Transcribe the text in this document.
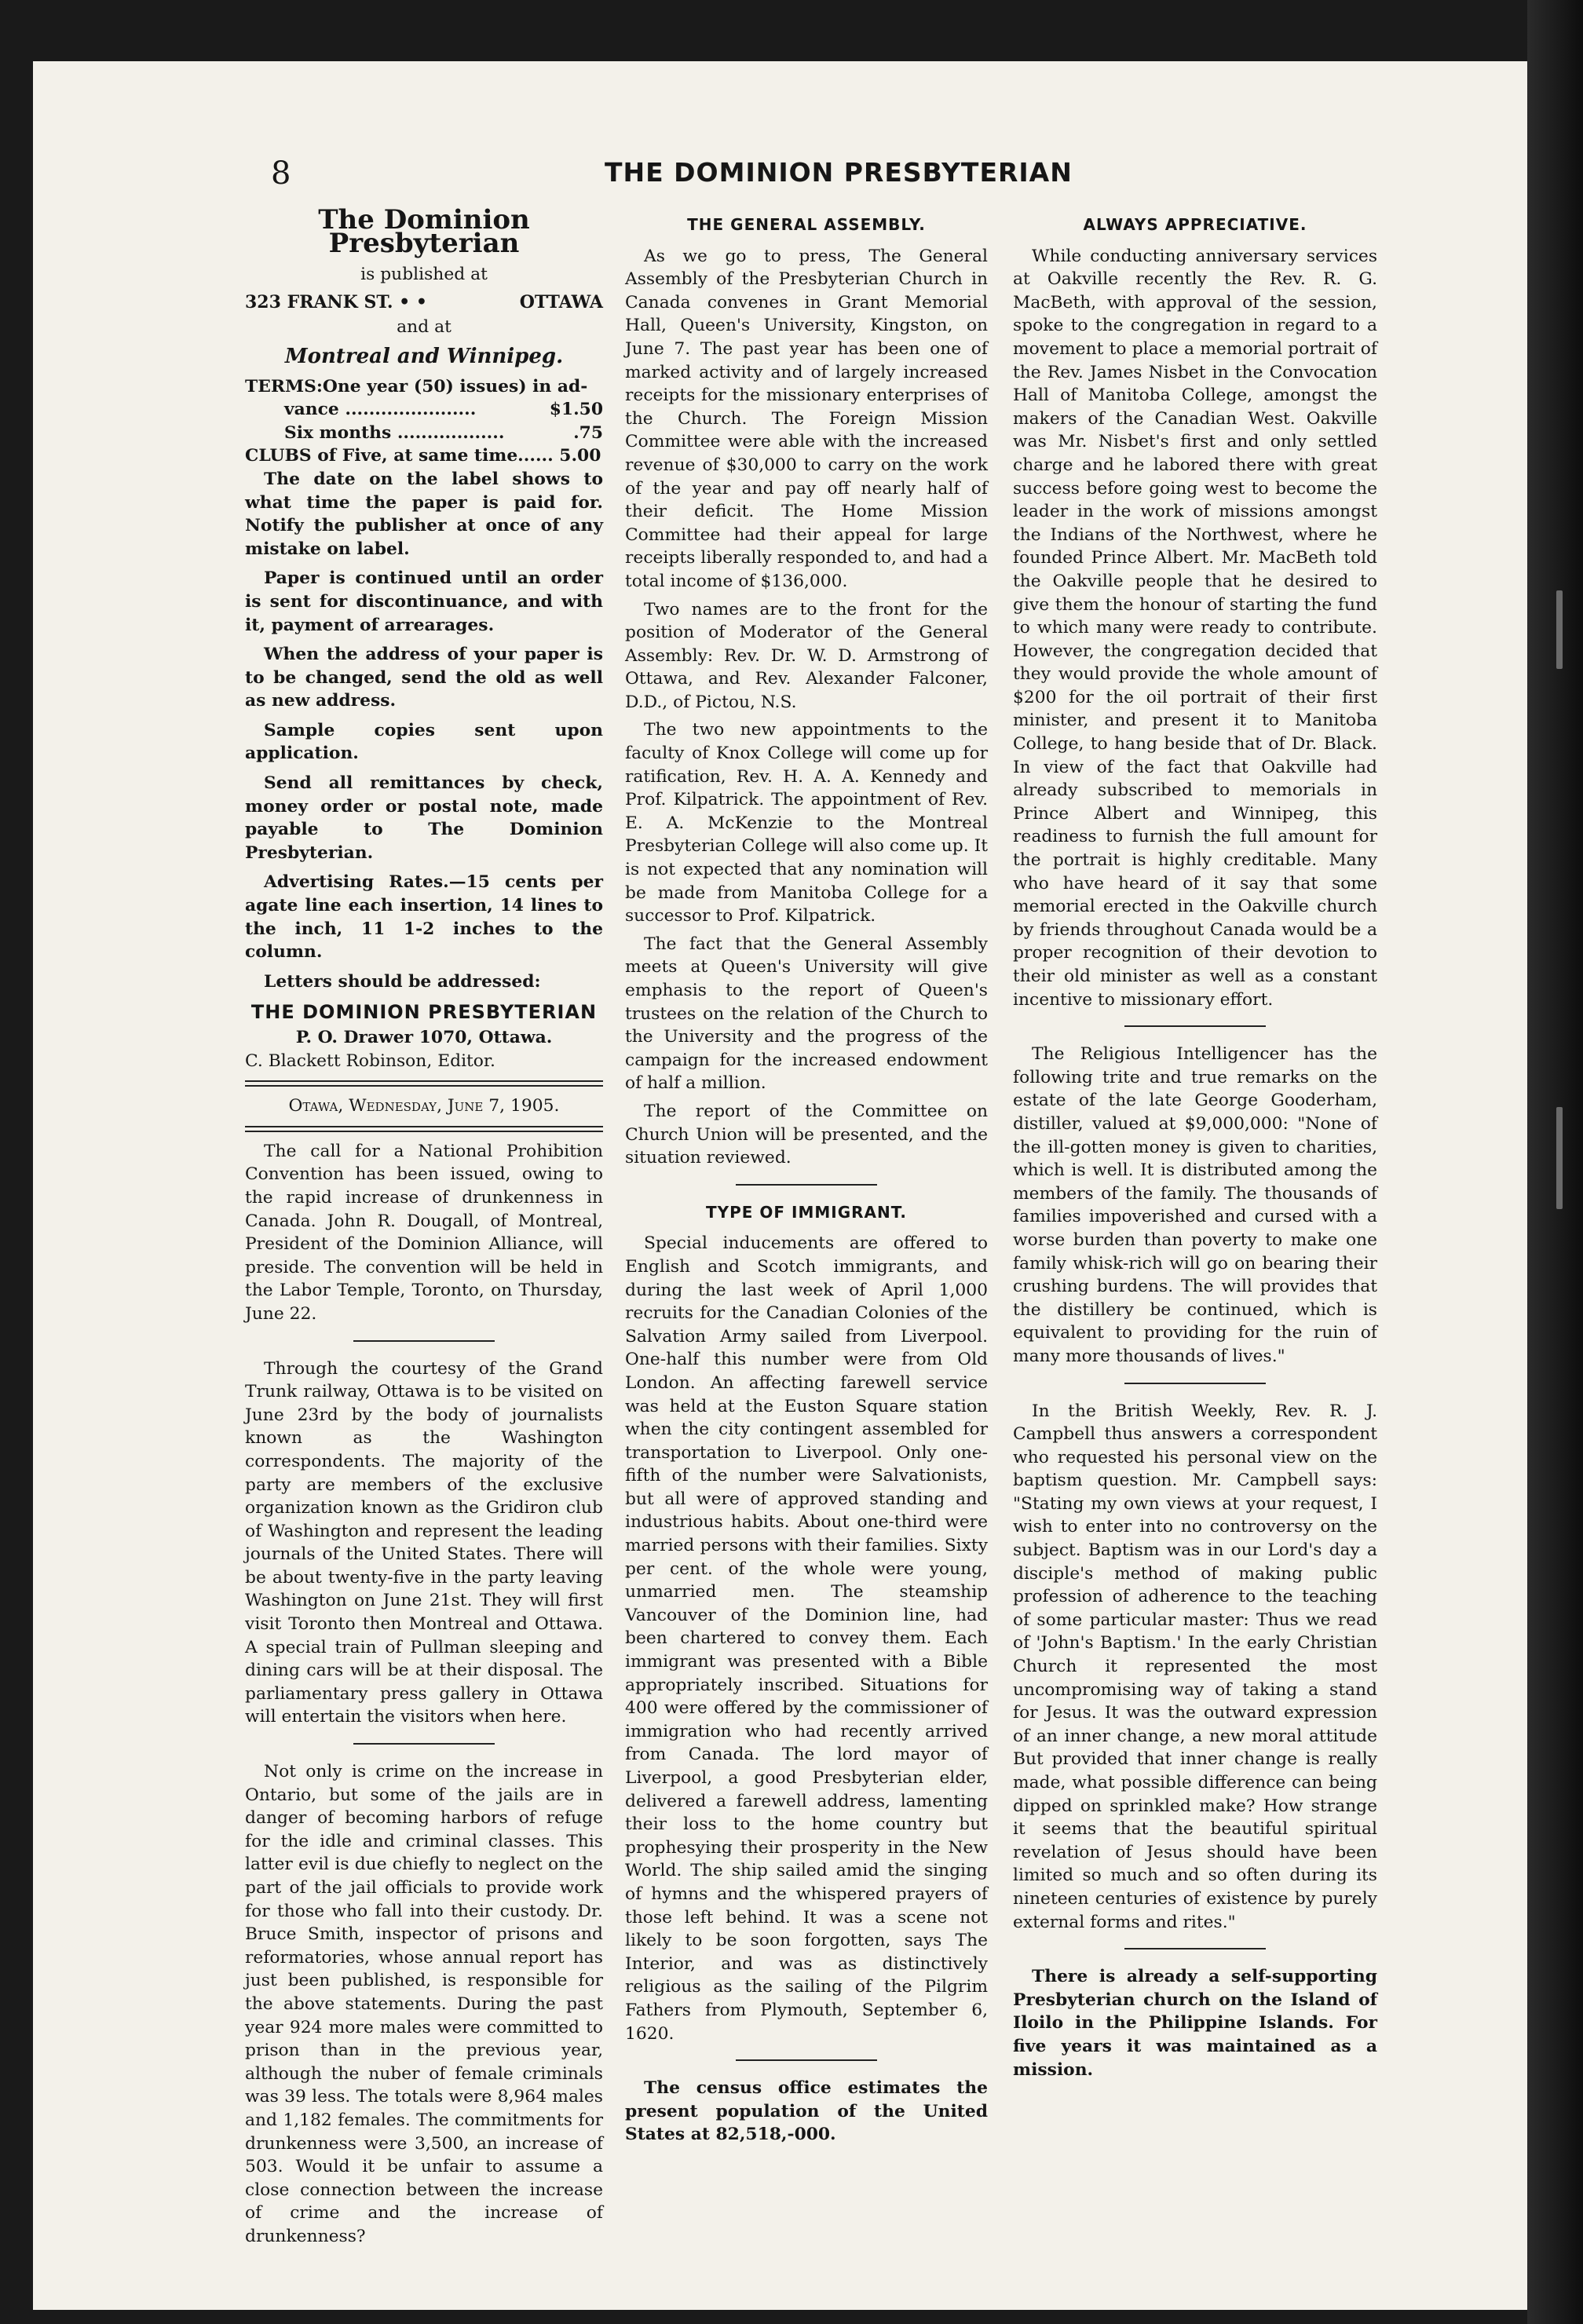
8	THE DOMINION PRESBYTERIAN
The Dominion Presbyterian
is published at
323 FRANK ST. • •	OTTAWA
and at
Montreal and Winnipeg.

TERMS:One year (50) issues) in ad-

vance ......................	$1.50
Six months ..................	.75

CLUBS of Five, at same time...... 5.00

The date on the label shows to what time the paper is paid for. Notify the publisher at once of any mistake on label.

Paper is continued until an order is sent for discontinuance, and with it, payment of arrearages.

When the address of your paper is to be changed, send the old as well as new address.

Sample copies sent upon application.

Send all remittances by check, money order or postal note, made payable to The Dominion Presbyterian.

Advertising Rates.—15 cents per agate line each insertion, 14 lines to the inch, 11 1-2 inches to the column.

Letters should be addressed:

THE DOMINION PRESBYTERIAN
P. O. Drawer 1070, Ottawa.
C. Blackett Robinson, Editor.
Otawa, Wednesday, June 7, 1905.

The call for a National Prohibition Convention has been issued, owing to the rapid increase of drunkenness in Canada. John R. Dougall, of Montreal, President of the Dominion Alliance, will preside. The convention will be held in the Labor Temple, Toronto, on Thursday, June 22.

Through the courtesy of the Grand Trunk railway, Ottawa is to be visited on June 23rd by the body of journalists known as the Washington correspondents. The majority of the party are members of the exclusive organization known as the Gridiron club of Washington and represent the leading journals of the United States. There will be about twenty-five in the party leaving Washington on June 21st. They will first visit Toronto then Montreal and Ottawa. A special train of Pullman sleeping and dining cars will be at their disposal. The parliamentary press gallery in Ottawa will entertain the visitors when here.

Not only is crime on the increase in Ontario, but some of the jails are in danger of becoming harbors of refuge for the idle and criminal classes. This latter evil is due chiefly to neglect on the part of the jail officials to provide work for those who fall into their custody. Dr. Bruce Smith, inspector of prisons and reformatories, whose annual report has just been published, is responsible for the above statements. During the past year 924 more males were committed to prison than in the previous year, although the nuber of female criminals was 39 less. The totals were 8,964 males and 1,182 females. The commitments for drunkenness were 3,500, an increase of 503. Would it be unfair to assume a close connection between the increase of crime and the increase of drunkenness?

THE GENERAL ASSEMBLY.

As we go to press, The General Assembly of the Presbyterian Church in Canada convenes in Grant Memorial Hall, Queen's University, Kingston, on June 7. The past year has been one of marked activity and of largely increased receipts for the missionary enterprises of the Church. The Foreign Mission Committee were able with the increased revenue of $30,000 to carry on the work of the year and pay off nearly half of their deficit. The Home Mission Committee had their appeal for large receipts liberally responded to, and had a total income of $136,000.

Two names are to the front for the position of Moderator of the General Assembly: Rev. Dr. W. D. Armstrong of Ottawa, and Rev. Alexander Falconer, D.D., of Pictou, N.S.

The two new appointments to the faculty of Knox College will come up for ratification, Rev. H. A. A. Kennedy and Prof. Kilpatrick. The appointment of Rev. E. A. McKenzie to the Montreal Presbyterian College will also come up. It is not expected that any nomination will be made from Manitoba College for a successor to Prof. Kilpatrick.

The fact that the General Assembly meets at Queen's University will give emphasis to the report of Queen's trustees on the relation of the Church to the University and the progress of the campaign for the increased endowment of half a million.

The report of the Committee on Church Union will be presented, and the situation reviewed.

TYPE OF IMMIGRANT.

Special inducements are offered to English and Scotch immigrants, and during the last week of April 1,000 recruits for the Canadian Colonies of the Salvation Army sailed from Liverpool. One-half this number were from Old London. An affecting farewell service was held at the Euston Square station when the city contingent assembled for transportation to Liverpool. Only one-fifth of the number were Salvationists, but all were of approved standing and industrious habits. About one-third were married persons with their families. Sixty per cent. of the whole were young, unmarried men. The steamship Vancouver of the Dominion line, had been chartered to convey them. Each immigrant was presented with a Bible appropriately inscribed. Situations for 400 were offered by the commissioner of immigration who had recently arrived from Canada. The lord mayor of Liverpool, a good Presbyterian elder, delivered a farewell address, lamenting their loss to the home country but prophesying their prosperity in the New World. The ship sailed amid the singing of hymns and the whispered prayers of those left behind. It was a scene not likely to be soon forgotten, says The Interior, and was as distinctively religious as the sailing of the Pilgrim Fathers from Plymouth, September 6, 1620.

The census office estimates the present population of the United States at 82,518,-000.

ALWAYS APPRECIATIVE.

While conducting anniversary services at Oakville recently the Rev. R. G. MacBeth, with approval of the session, spoke to the congregation in regard to a movement to place a memorial portrait of the Rev. James Nisbet in the Convocation Hall of Manitoba College, amongst the makers of the Canadian West. Oakville was Mr. Nisbet's first and only settled charge and he labored there with great success before going west to become the leader in the work of missions amongst the Indians of the Northwest, where he founded Prince Albert. Mr. MacBeth told the Oakville people that he desired to give them the honour of starting the fund to which many were ready to contribute. However, the congregation decided that they would provide the whole amount of $200 for the oil portrait of their first minister, and present it to Manitoba College, to hang beside that of Dr. Black. In view of the fact that Oakville had already subscribed to memorials in Prince Albert and Winnipeg, this readiness to furnish the full amount for the portrait is highly creditable. Many who have heard of it say that some memorial erected in the Oakville church by friends throughout Canada would be a proper recognition of their devotion to their old minister as well as a constant incentive to missionary effort.

The Religious Intelligencer has the following trite and true remarks on the estate of the late George Gooderham, distiller, valued at $9,000,000: "None of the ill-gotten money is given to charities, which is well. It is distributed among the members of the family. The thousands of families impoverished and cursed with a worse burden than poverty to make one family whisk-rich will go on bearing their crushing burdens. The will provides that the distillery be continued, which is equivalent to providing for the ruin of many more thousands of lives."

In the British Weekly, Rev. R. J. Campbell thus answers a correspondent who requested his personal view on the baptism question. Mr. Campbell says: "Stating my own views at your request, I wish to enter into no controversy on the subject. Baptism was in our Lord's day a disciple's method of making public profession of adherence to the teaching of some particular master: Thus we read of 'John's Baptism.' In the early Christian Church it represented the most uncompromising way of taking a stand for Jesus. It was the outward expression of an inner change, a new moral attitude But provided that inner change is really made, what possible difference can being dipped on sprinkled make? How strange it seems that the beautiful spiritual revelation of Jesus should have been limited so much and so often during its nineteen centuries of existence by purely external forms and rites."

There is already a self-supporting Presbyterian church on the Island of Iloilo in the Philippine Islands. For five years it was maintained as a mission.
